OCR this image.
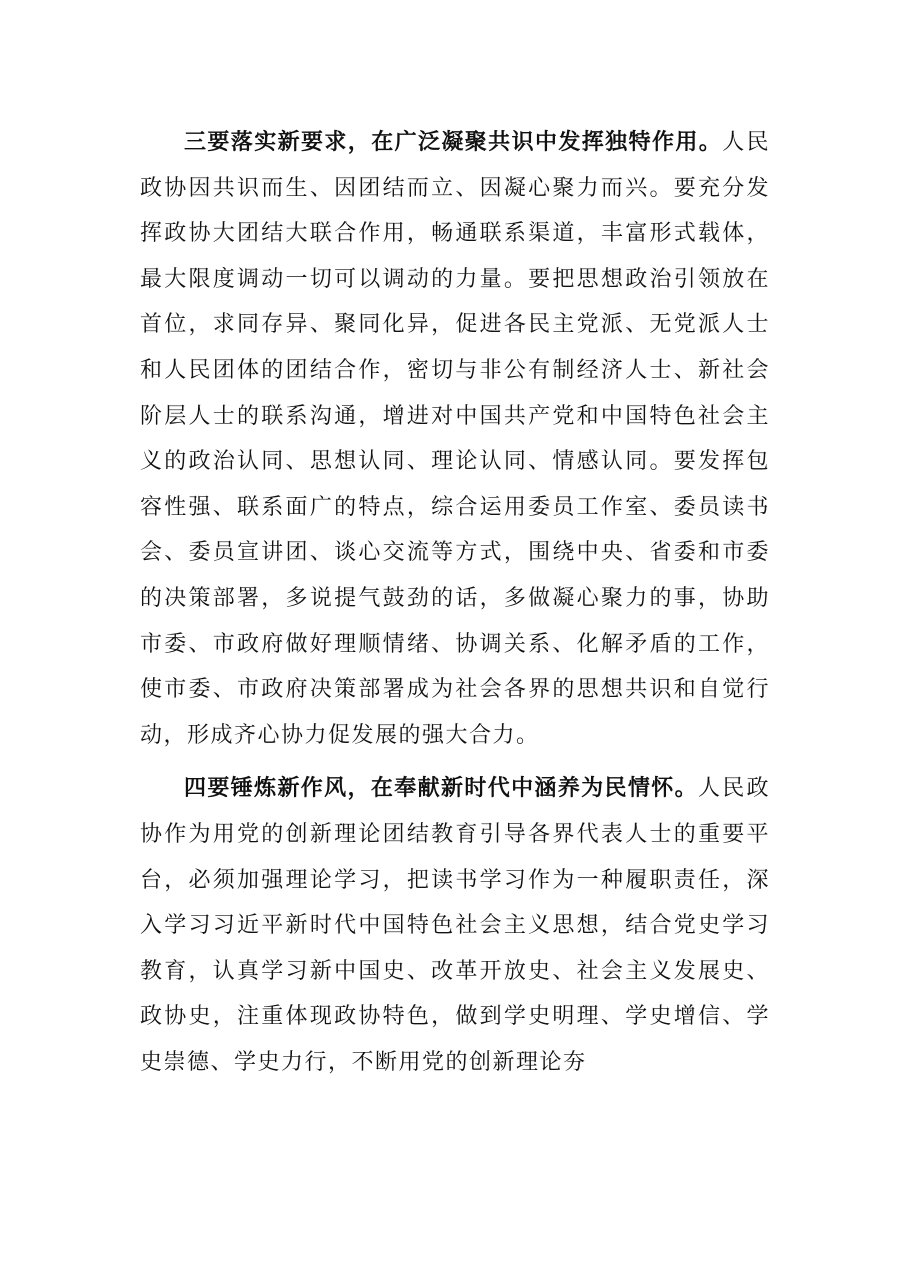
三要落实新要求，在广泛凝聚共识中发挥独特作用。人民政协因共识而生、因团结而立、因凝心聚力而兴。要充分发挥政协大团结大联合作用，畅通联系渠道，丰富形式载体，最大限度调动一切可以调动的力量。要把思想政治引领放在首位，求同存异、聚同化异，促进各民主党派、无党派人士和人民团体的团结合作，密切与非公有制经济人士、新社会阶层人士的联系沟通，增进对中国共产党和中国特色社会主义的政治认同、思想认同、理论认同、情感认同。要发挥包容性强、联系面广的特点，综合运用委员工作室、委员读书会、委员宣讲团、谈心交流等方式，围绕中央、省委和市委的决策部署，多说提气鼓劲的话，多做凝心聚力的事，协助市委、市政府做好理顺情绪、协调关系、化解矛盾的工作，使市委、市政府决策部署成为社会各界的思想共识和自觉行动，形成齐心协力促发展的强大合力。

四要锤炼新作风，在奉献新时代中涵养为民情怀。人民政协作为用党的创新理论团结教育引导各界代表人士的重要平台，必须加强理论学习，把读书学习作为一种履职责任，深入学习习近平新时代中国特色社会主义思想，结合党史学习教育，认真学习新中国史、改革开放史、社会主义发展史、政协史，注重体现政协特色，做到学史明理、学史增信、学史崇德、学史力行，不断用党的创新理论夯
